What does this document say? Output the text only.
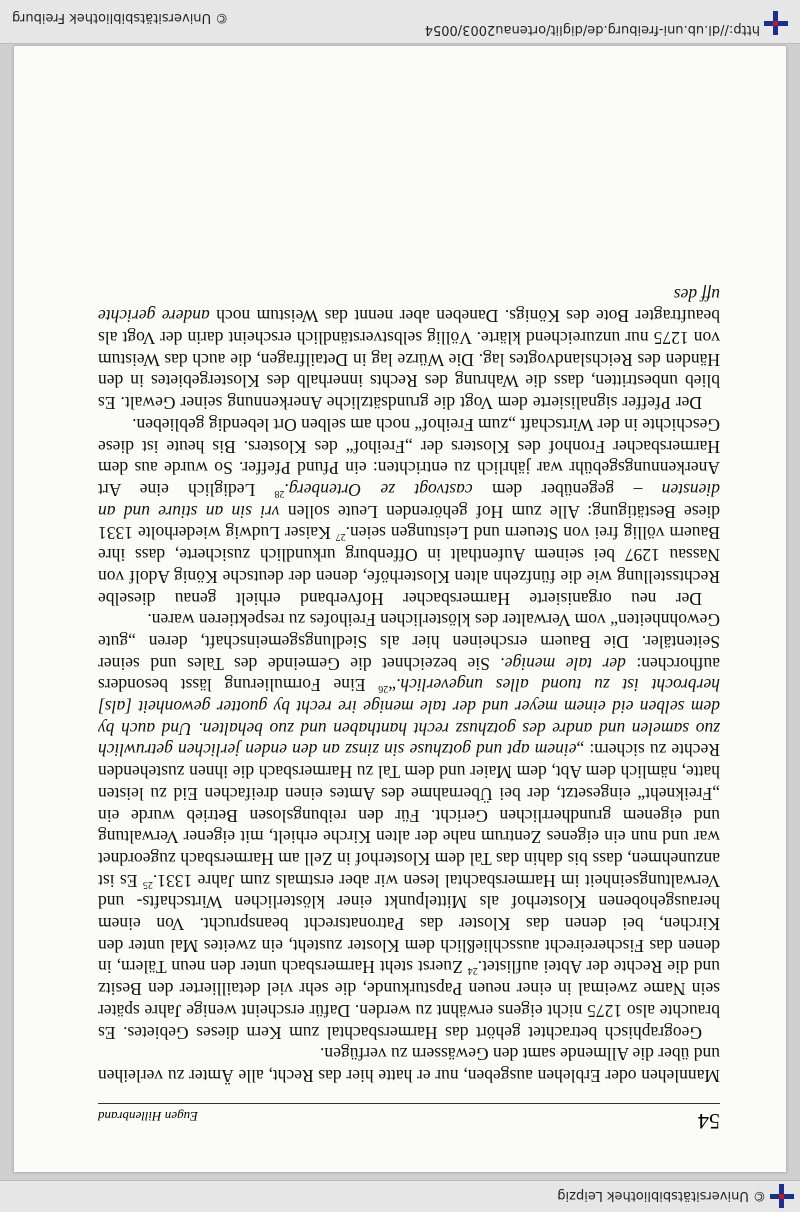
© Universitätsbibliothek Leipzig
54
Eugen Hillenbrand

Mannlehen oder Erblehen ausgeben, nur er hatte hier das Recht, alle Ämter zu verleihen und über die Allmende samt den Gewässern zu verfügen.

Geographisch betrachtet gehört das Harmersbachtal zum Kern dieses Gebietes. Es brauchte also 1275 nicht eigens erwähnt zu werden. Dafür erscheint wenige Jahre später sein Name zweimal in einer neuen Papsturkunde, die sehr viel detaillierter den Besitz und die Rechte der Abtei auflistet.$^{24}$ Zuerst steht Harmersbach unter den neun Tälern, in denen das Fischereirecht ausschließlich dem Kloster zusteht, ein zweites Mal unter den Kirchen, bei denen das Kloster das Patronatsrecht beansprucht. Von einem herausgehobenen Klosterhof als Mittelpunkt einer klösterlichen Wirtschafts- und Verwaltungseinheit im Harmersbachtal lesen wir aber erstmals zum Jahre 1331.25 Es ist anzunehmen, dass bis dahin das Tal dem Klosterhof in Zell am Harmersbach zugeordnet war und nun ein eigenes Zentrum nahe der alten Kirche erhielt, mit eigener Verwaltung und eigenem grundherrlichen Gericht. Für den reibungslosen Betrieb wurde ein „Freikneht“ eingesetzt, der bei Übernahme des Amtes einen dreifachen Eid zu leisten hatte, nämlich dem Abt, dem Maier und dem Tal zu Harmersbach die ihnen zustehenden Rechte zu sichern: „einem apt und gotzhuse sin zinsz an den enden jerlichen getruwlich zuo samelen und andre des gotzhusz recht hanthaben und zuo behalten. Und auch by dem selben eid einem meyer und der tale menige ire recht by guotter gewonheit [als] herbrocht ist zu tuond alles ungeverlich.“$^{26}$ Eine Formulierung lässt besonders aufhorchen: der tale menige. Sie bezeichnet die Gemeinde des Tales und seiner Seitentäler. Die Bauern erscheinen hier als Siedlungsgemeinschaft, deren „gute Gewohnheiten“ vom Verwalter des klösterlichen Freihofes zu respektieren waren.

Der neu organisierte Harmersbacher Hofverband erhielt genau dieselbe Rechtsstellung wie die fünfzehn alten Klosterhöfe, denen der deutsche König Adolf von Nassau 1297 bei seinem Aufenthalt in Offenburg urkundlich zusicherte, dass ihre Bauern völlig frei von Steuern und Leistungen seien.$^{27}$ Kaiser Ludwig wiederholte 1331 diese Bestätigung: Alle zum Hof gehörenden Leute sollen vri sin an stiure und an diensten – gegenüber dem castvogt ze Ortenberg.$^{28}$ Lediglich eine Art Anerkennungsgebühr war jährlich zu entrichten: ein Pfund Pfeffer. So wurde aus dem Harmersbacher Fronhof des Klosters der „Freihof“ des Klosters. Bis heute ist diese Geschichte in der Wirtschaft „zum Freihof“ noch am selben Ort lebendig geblieben.

Der Pfeffer signalisierte dem Vogt die grundsätzliche Anerkennung seiner Gewalt. Es blieb unbestritten, dass die Wahrung des Rechts innerhalb des Klostergebietes in den Händen des Reichslandvogtes lag. Die Würze lag in Detailfragen, die auch das Weistum von 1275 nur unzureichend klärte. Völlig selbstverständlich erscheint darin der Vogt als beauftragter Bote des Königs. Daneben aber nennt das Weistum noch andere gerichte uff des

http://dl.ub.uni-freiburg.de/diglit/ortenau2003/0054
© Universitätsbibliothek Freiburg
